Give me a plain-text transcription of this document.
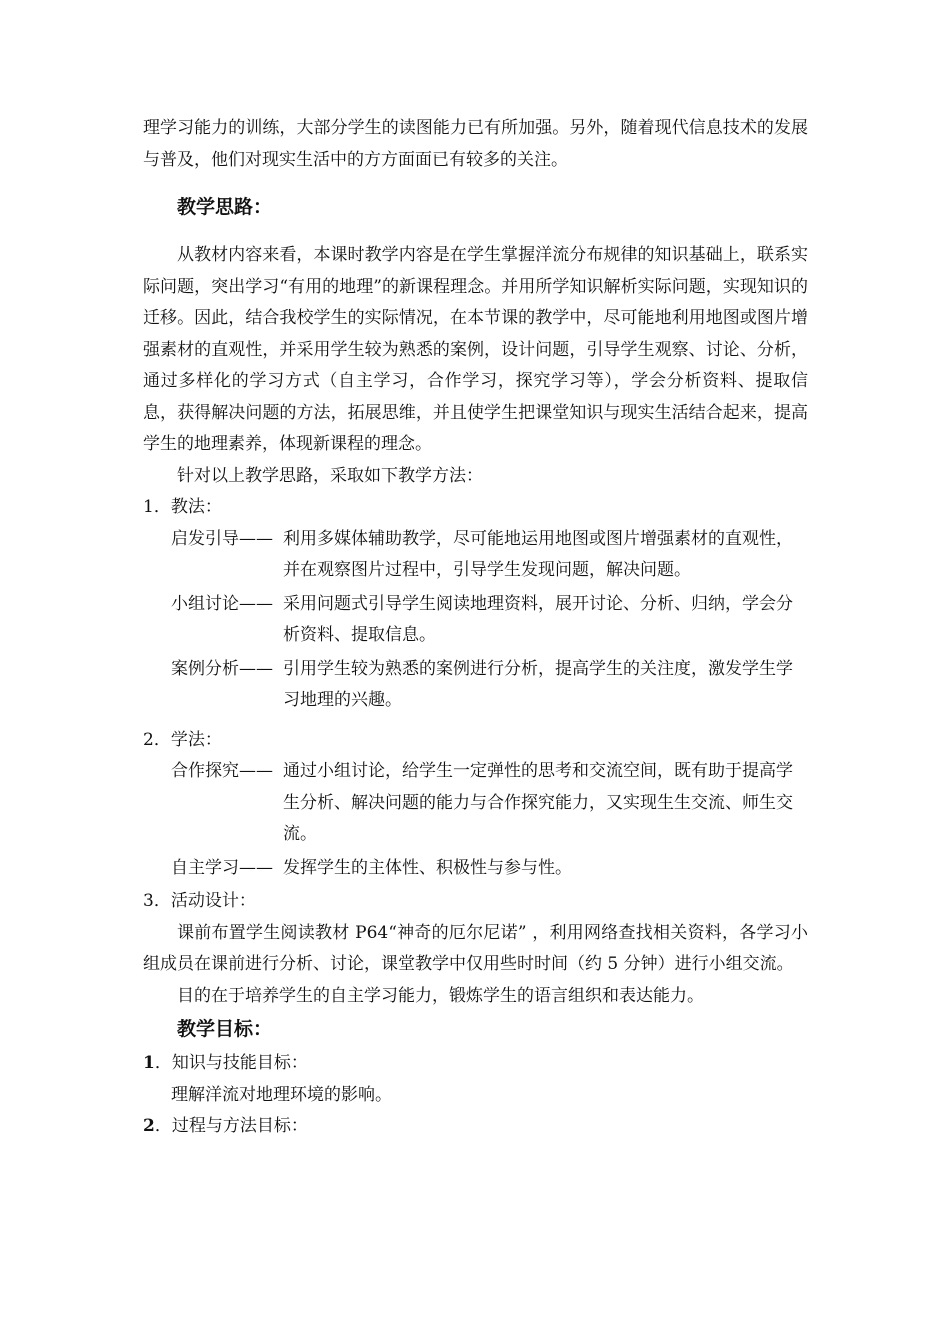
理学习能力的训练，大部分学生的读图能力已有所加强。另外，随着现代信息技术的发展与普及，他们对现实生活中的方方面面已有较多的关注。

教学思路：

从教材内容来看，本课时教学内容是在学生掌握洋流分布规律的知识基础上，联系实际问题，突出学习“有用的地理”的新课程理念。并用所学知识解析实际问题，实现知识的迁移。因此，结合我校学生的实际情况，在本节课的教学中，尽可能地利用地图或图片增强素材的直观性，并采用学生较为熟悉的案例，设计问题，引导学生观察、讨论、分析，通过多样化的学习方式（自主学习，合作学习，探究学习等），学会分析资料、提取信息，获得解决问题的方法，拓展思维，并且使学生把课堂知识与现实生活结合起来，提高学生的地理素养，体现新课程的理念。

针对以上教学思路，采取如下教学方法：

1．教法：

启发引导—— 利用多媒体辅助教学，尽可能地运用地图或图片增强素材的直观性，并在观察图片过程中，引导学生发现问题，解决问题。
小组讨论—— 采用问题式引导学生阅读地理资料，展开讨论、分析、归纳，学会分析资料、提取信息。
案例分析—— 引用学生较为熟悉的案例进行分析，提高学生的关注度，激发学生学习地理的兴趣。

2．学法：

合作探究—— 通过小组讨论，给学生一定弹性的思考和交流空间，既有助于提高学生分析、解决问题的能力与合作探究能力，又实现生生交流、师生交流。
自主学习—— 发挥学生的主体性、积极性与参与性。

3．活动设计：

课前布置学生阅读教材 P64“神奇的厄尔尼诺” ，利用网络查找相关资料，各学习小组成员在课前进行分析、讨论，课堂教学中仅用些时时间（约 5 分钟）进行小组交流。

目的在于培养学生的自主学习能力，锻炼学生的语言组织和表达能力。

教学目标：

1．知识与技能目标：

理解洋流对地理环境的影响。

2．过程与方法目标：
